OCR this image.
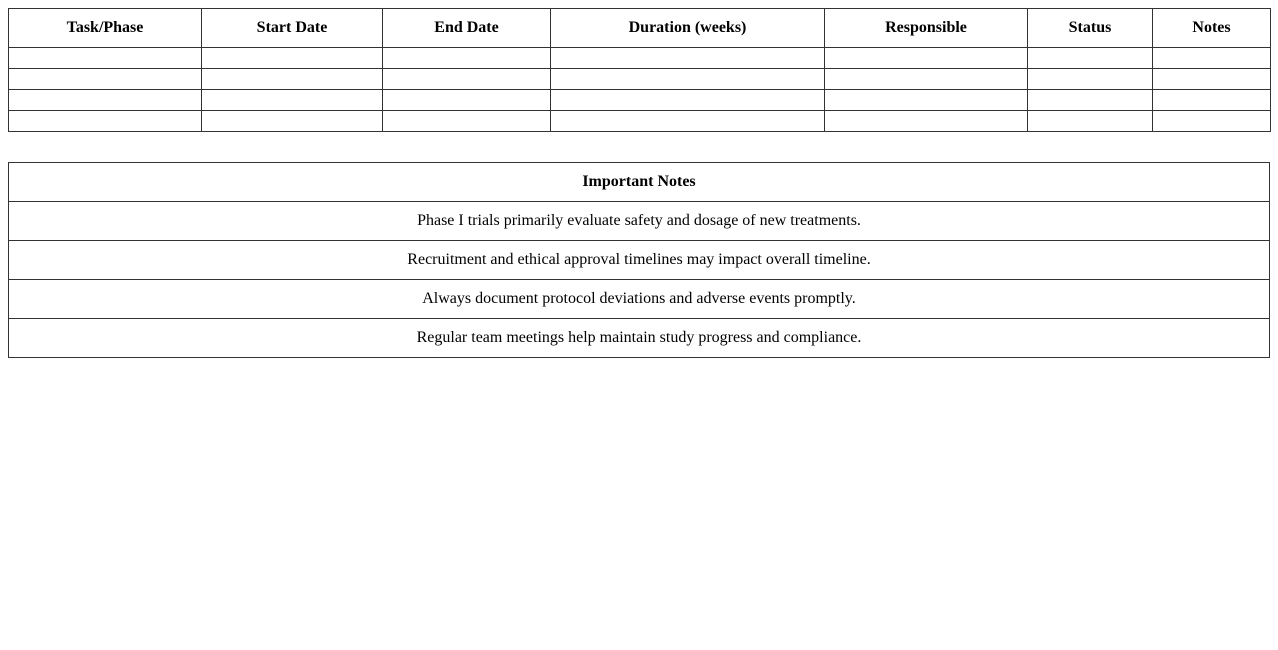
Task/Phase	Start Date	End Date	Duration (weeks)	Responsible	Status	Notes

Important Notes
Phase I trials primarily evaluate safety and dosage of new treatments.
Recruitment and ethical approval timelines may impact overall timeline.
Always document protocol deviations and adverse events promptly.
Regular team meetings help maintain study progress and compliance.
